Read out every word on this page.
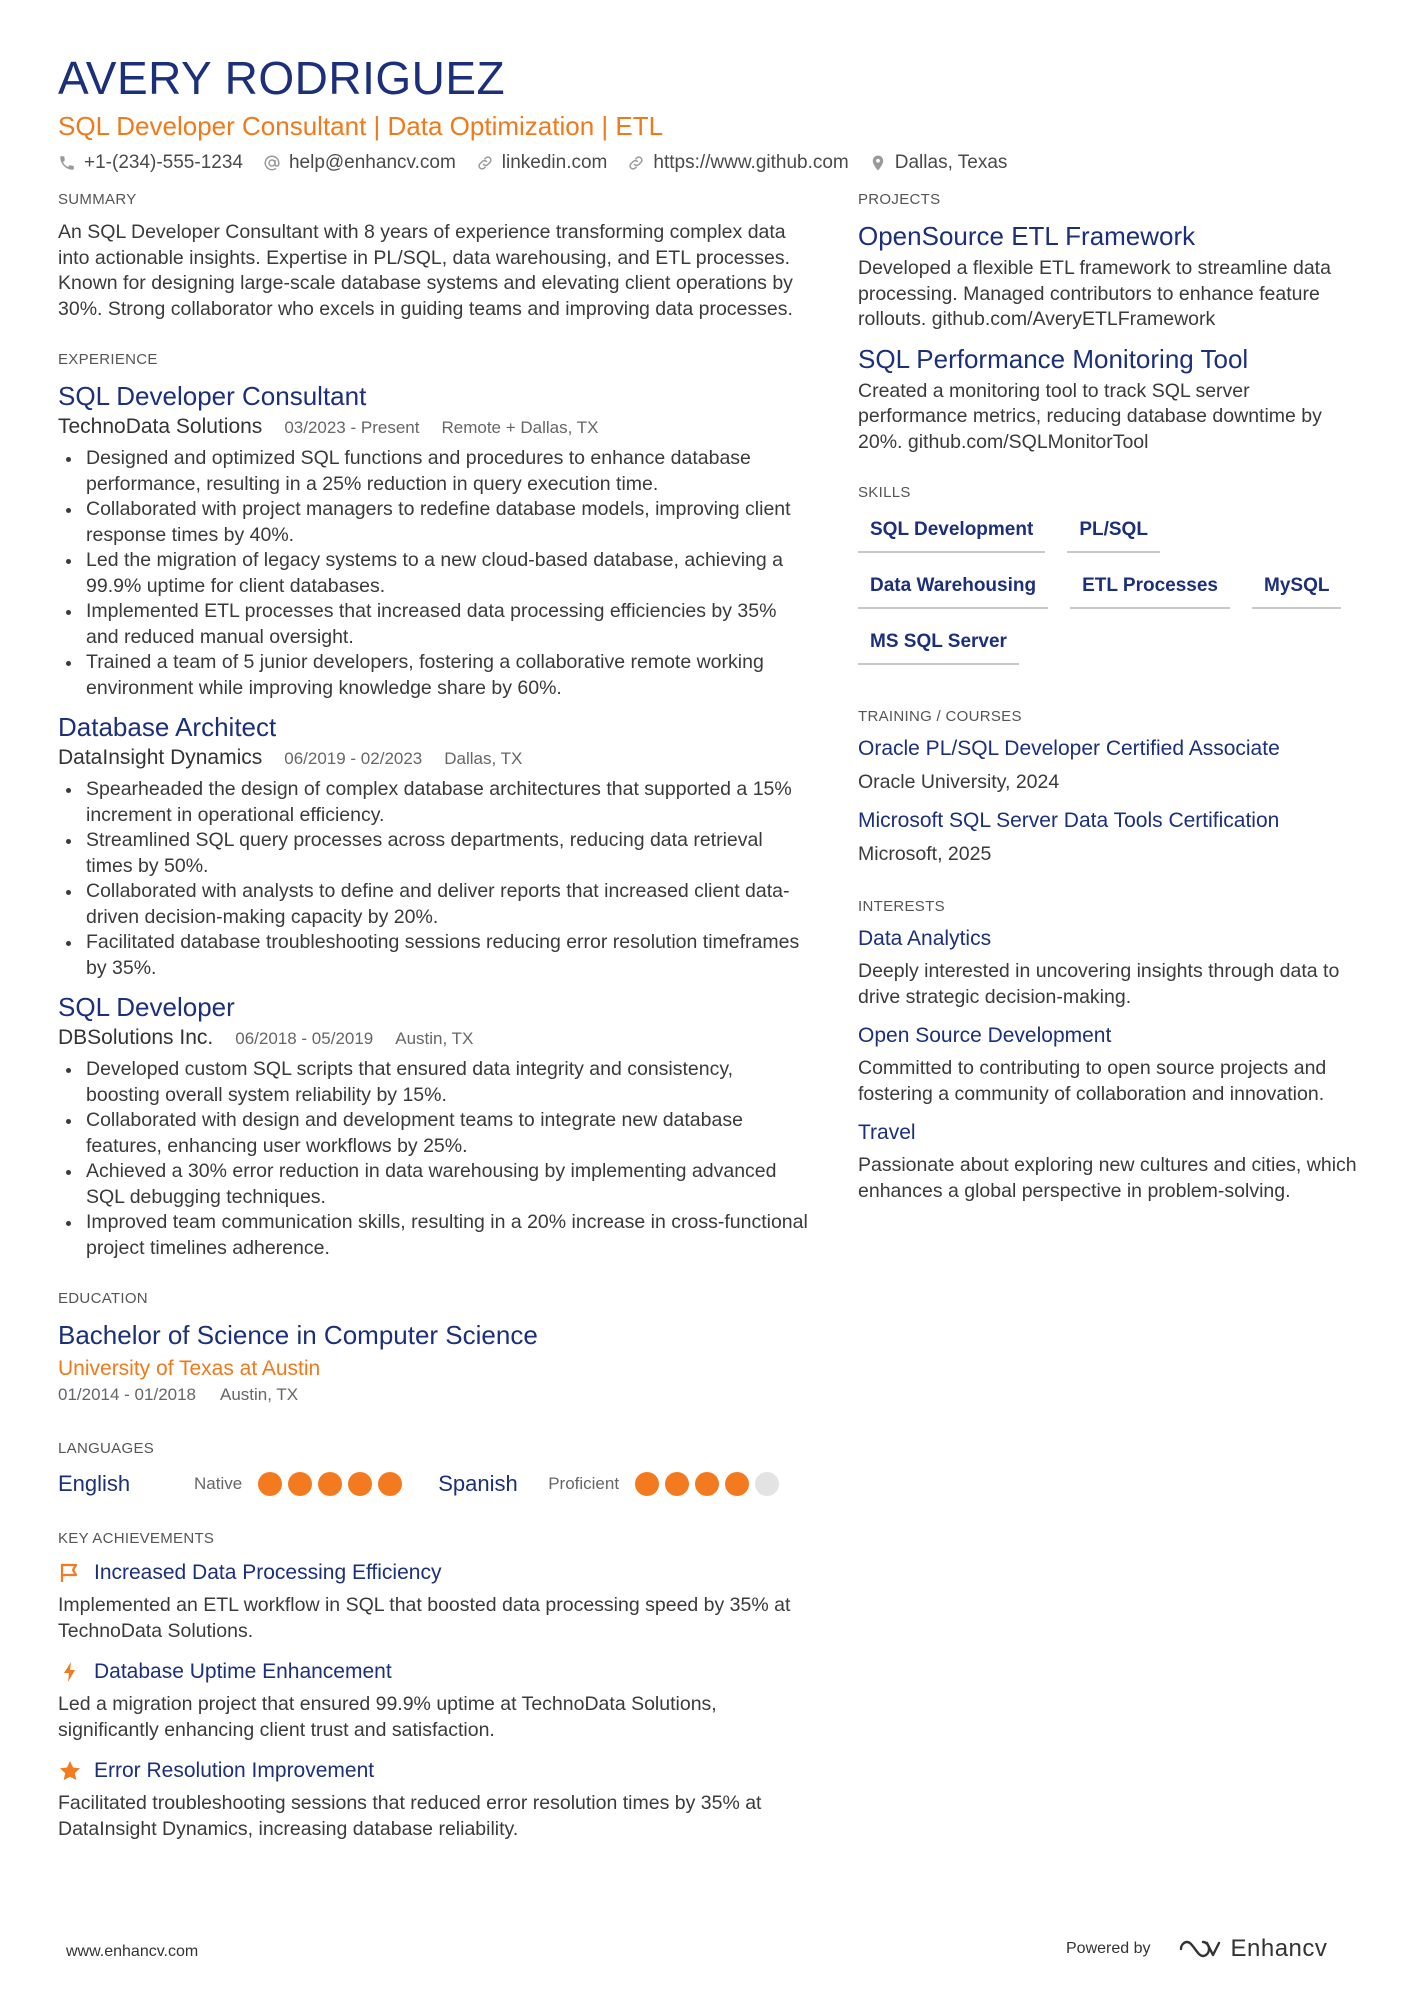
AVERY RODRIGUEZ
SQL Developer Consultant | Data Optimization | ETL
+1-(234)-555-1234 help@enhancv.com linkedin.com https://www.github.com Dallas, Texas
SUMMARY
An SQL Developer Consultant with 8 years of experience transforming complex data into actionable insights. Expertise in PL/SQL, data warehousing, and ETL processes. Known for designing large-scale database systems and elevating client operations by 30%. Strong collaborator who excels in guiding teams and improving data processes.
EXPERIENCE
SQL Developer Consultant
TechnoData Solutions 03/2023 - Present Remote + Dallas, TX
Designed and optimized SQL functions and procedures to enhance database performance, resulting in a 25% reduction in query execution time.
Collaborated with project managers to redefine database models, improving client response times by 40%.
Led the migration of legacy systems to a new cloud-based database, achieving a 99.9% uptime for client databases.
Implemented ETL processes that increased data processing efficiencies by 35% and reduced manual oversight.
Trained a team of 5 junior developers, fostering a collaborative remote working environment while improving knowledge share by 60%.
Database Architect
DataInsight Dynamics 06/2019 - 02/2023 Dallas, TX
Spearheaded the design of complex database architectures that supported a 15% increment in operational efficiency.
Streamlined SQL query processes across departments, reducing data retrieval times by 50%.
Collaborated with analysts to define and deliver reports that increased client data-driven decision-making capacity by 20%.
Facilitated database troubleshooting sessions reducing error resolution timeframes by 35%.
SQL Developer
DBSolutions Inc. 06/2018 - 05/2019 Austin, TX
Developed custom SQL scripts that ensured data integrity and consistency, boosting overall system reliability by 15%.
Collaborated with design and development teams to integrate new database features, enhancing user workflows by 25%.
Achieved a 30% error reduction in data warehousing by implementing advanced SQL debugging techniques.
Improved team communication skills, resulting in a 20% increase in cross-functional project timelines adherence.
EDUCATION
Bachelor of Science in Computer Science
University of Texas at Austin
01/2014 - 01/2018 Austin, TX
LANGUAGES
English	Native	Spanish	Proficient
KEY ACHIEVEMENTS
Increased Data Processing Efficiency
Implemented an ETL workflow in SQL that boosted data processing speed by 35% at TechnoData Solutions.
Database Uptime Enhancement
Led a migration project that ensured 99.9% uptime at TechnoData Solutions, significantly enhancing client trust and satisfaction.
Error Resolution Improvement
Facilitated troubleshooting sessions that reduced error resolution times by 35% at DataInsight Dynamics, increasing database reliability.
PROJECTS
OpenSource ETL Framework
Developed a flexible ETL framework to streamline data processing. Managed contributors to enhance feature rollouts. github.com/AveryETLFramework
SQL Performance Monitoring Tool
Created a monitoring tool to track SQL server performance metrics, reducing database downtime by 20%. github.com/SQLMonitorTool
SKILLS
SQL Development	PL/SQL
Data Warehousing	ETL Processes	MySQL
MS SQL Server
TRAINING / COURSES
Oracle PL/SQL Developer Certified Associate
Oracle University, 2024
Microsoft SQL Server Data Tools Certification
Microsoft, 2025
INTERESTS
Data Analytics
Deeply interested in uncovering insights through data to drive strategic decision-making.
Open Source Development
Committed to contributing to open source projects and fostering a community of collaboration and innovation.
Travel
Passionate about exploring new cultures and cities, which enhances a global perspective in problem-solving.
www.enhancv.com	Powered by	Enhancv
